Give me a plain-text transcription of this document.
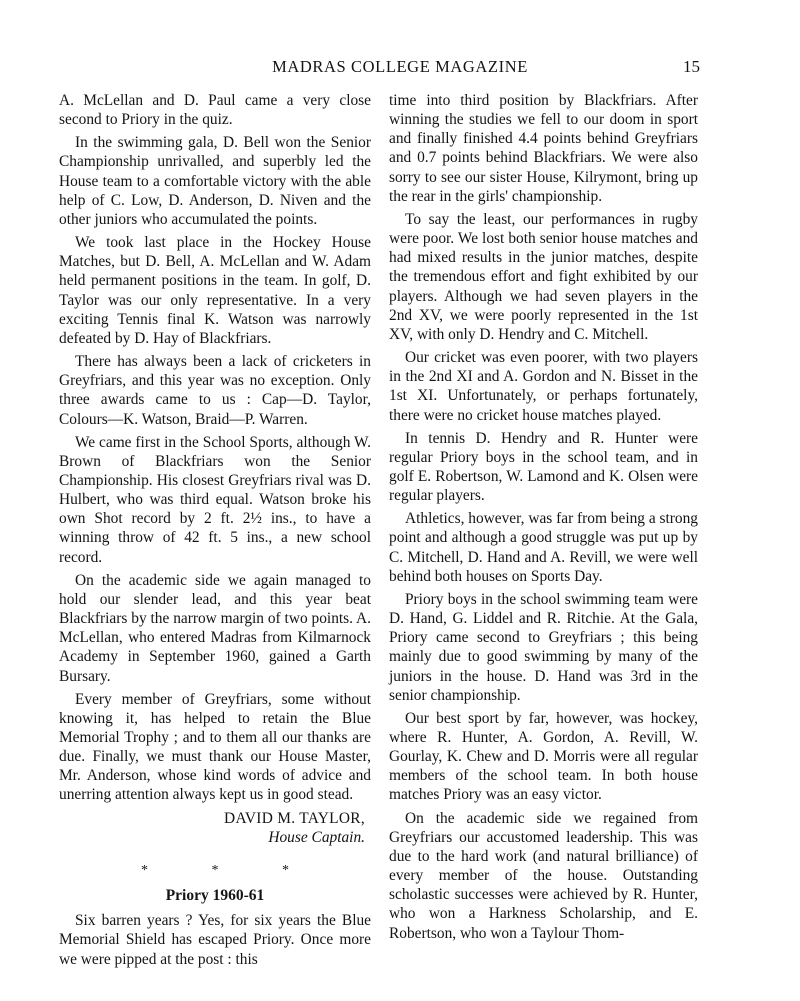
MADRAS COLLEGE MAGAZINE	15

A. McLellan and D. Paul came a very close second to Priory in the quiz.

In the swimming gala, D. Bell won the Senior Championship unrivalled, and superbly led the House team to a comfortable victory with the able help of C. Low, D. Anderson, D. Niven and the other juniors who accumulated the points.

We took last place in the Hockey House Matches, but D. Bell, A. McLellan and W. Adam held permanent positions in the team. In golf, D. Taylor was our only representative. In a very exciting Tennis final K. Watson was narrowly defeated by D. Hay of Blackfriars.

There has always been a lack of cricketers in Greyfriars, and this year was no exception. Only three awards came to us : Cap—D. Taylor, Colours—K. Watson, Braid—P. Warren.

We came first in the School Sports, although W. Brown of Blackfriars won the Senior Championship. His closest Greyfriars rival was D. Hulbert, who was third equal. Watson broke his own Shot record by 2 ft. 2½ ins., to have a winning throw of 42 ft. 5 ins., a new school record.

On the academic side we again managed to hold our slender lead, and this year beat Blackfriars by the narrow margin of two points. A. McLellan, who entered Madras from Kilmarnock Academy in September 1960, gained a Garth Bursary.

Every member of Greyfriars, some without knowing it, has helped to retain the Blue Memorial Trophy ; and to them all our thanks are due. Finally, we must thank our House Master, Mr. Anderson, whose kind words of advice and unerring attention always kept us in good stead.

DAVID M. TAYLOR,
House Captain.
* * *
Priory 1960-61

Six barren years ? Yes, for six years the Blue Memorial Shield has escaped Priory. Once more we were pipped at the post : this

time into third position by Blackfriars. After winning the studies we fell to our doom in sport and finally finished 4.4 points behind Greyfriars and 0.7 points behind Blackfriars. We were also sorry to see our sister House, Kilrymont, bring up the rear in the girls' championship.

To say the least, our performances in rugby were poor. We lost both senior house matches and had mixed results in the junior matches, despite the tremendous effort and fight exhibited by our players. Although we had seven players in the 2nd XV, we were poorly represented in the 1st XV, with only D. Hendry and C. Mitchell.

Our cricket was even poorer, with two players in the 2nd XI and A. Gordon and N. Bisset in the 1st XI. Unfortunately, or perhaps fortunately, there were no cricket house matches played.

In tennis D. Hendry and R. Hunter were regular Priory boys in the school team, and in golf E. Robertson, W. Lamond and K. Olsen were regular players.

Athletics, however, was far from being a strong point and although a good struggle was put up by C. Mitchell, D. Hand and A. Revill, we were well behind both houses on Sports Day.

Priory boys in the school swimming team were D. Hand, G. Liddel and R. Ritchie. At the Gala, Priory came second to Greyfriars ; this being mainly due to good swimming by many of the juniors in the house. D. Hand was 3rd in the senior championship.

Our best sport by far, however, was hockey, where R. Hunter, A. Gordon, A. Revill, W. Gourlay, K. Chew and D. Morris were all regular members of the school team. In both house matches Priory was an easy victor.

On the academic side we regained from Greyfriars our accustomed leadership. This was due to the hard work (and natural brilliance) of every member of the house. Outstanding scholastic successes were achieved by R. Hunter, who won a Harkness Scholarship, and E. Robertson, who won a Taylour Thom-
